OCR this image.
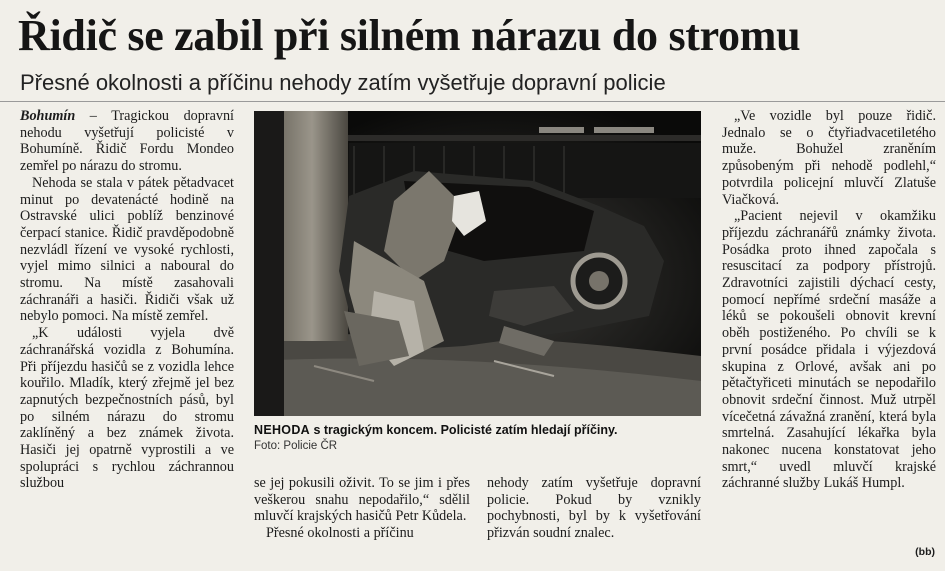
Řidič se zabil při silném nárazu do stromu
Přesné okolnosti a příčinu nehody zatím vyšetřuje dopravní policie

Bohumín – Tragickou dopravní nehodu vyšetřují policisté v Bohumíně. Řidič Fordu Mondeo zemřel po nárazu do stromu.

Nehoda se stala v pátek pětadvacet minut po devatenácté hodině na Ostravské ulici poblíž benzinové čerpací stanice. Řidič pravděpodobně nezvládl řízení ve vysoké rychlosti, vyjel mimo silnici a naboural do stromu. Na místě zasahovali záchranáři a hasiči. Řidiči však už nebylo pomoci. Na místě zemřel.

„K události vyjela dvě záchranářská vozidla z Bohumína. Při příjezdu hasičů se z vozidla lehce kouřilo. Mladík, který zřejmě jel bez zapnutých bezpečnostních pásů, byl po silném nárazu do stromu zaklíněný a bez známek života. Hasiči jej opatrně vyprostili a ve spolupráci s rychlou záchrannou službou

NEHODA s tragickým koncem. Policisté zatím hledají příčiny.
Foto: Policie ČR

se jej pokusili oživit. To se jim i přes veškerou snahu nepodařilo,“ sdělil mluvčí krajských hasičů Petr Kůdela.

Přesné okolnosti a příčinu

nehody zatím vyšetřuje dopravní policie. Pokud by vznikly pochybnosti, byl by k vyšetřování přizván soudní znalec.

„Ve vozidle byl pouze řidič. Jednalo se o čtyřiadvacetiletého muže. Bohužel zraněním způsobeným při nehodě podlehl,“ potvrdila policejní mluvčí Zlatuše Viačková.

„Pacient nejevil v okamžiku příjezdu záchranářů známky života. Posádka proto ihned započala s resuscitací za podpory přístrojů. Zdravotníci zajistili dýchací cesty, pomocí nepřímé srdeční masáže a léků se pokoušeli obnovit krevní oběh postiženého. Po chvíli se k první posádce přidala i výjezdová skupina z Orlové, avšak ani po pětačtyřiceti minutách se nepodařilo obnovit srdeční činnost. Muž utrpěl vícečetná závažná zranění, která byla smrtelná. Zasahující lékařka byla nakonec nucena konstatovat jeho smrt,“ uvedl mluvčí krajské záchranné služby Lukáš Humpl.

(bb)
